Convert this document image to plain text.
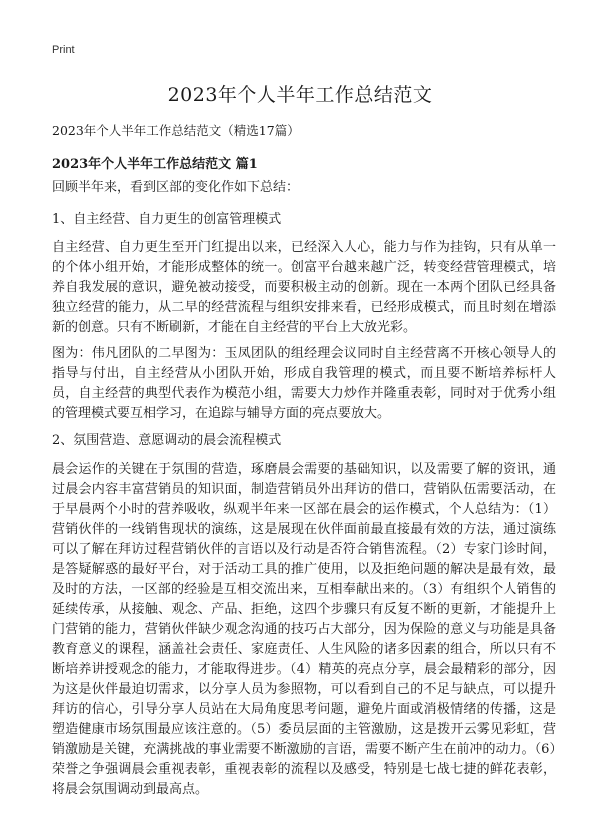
Print
2023年个人半年工作总结范文
2023年个人半年工作总结范文（精选17篇）
2023年个人半年工作总结范文 篇1

回顾半年来，看到区部的变化作如下总结：

1、自主经营、自力更生的创富管理模式

自主经营、自力更生至开门红提出以来，已经深入人心，能力与作为挂钩，只有从单一的个体小组开始，才能形成整体的统一。创富平台越来越广泛，转变经营管理模式，培养自我发展的意识，避免被动接受，而要积极主动的创新。现在一本两个团队已经具备独立经营的能力，从二早的经营流程与组织安排来看，已经形成模式，而且时刻在增添新的创意。只有不断刷新，才能在自主经营的平台上大放光彩。

图为：伟凡团队的二早图为：玉凤团队的组经理会议同时自主经营离不开核心领导人的指导与付出，自主经营从小团队开始，形成自我管理的模式，而且要不断培养标杆人员，自主经营的典型代表作为模范小组，需要大力炒作并隆重表彰，同时对于优秀小组的管理模式要互相学习，在追踪与辅导方面的亮点要放大。

2、氛围营造、意愿调动的晨会流程模式

晨会运作的关键在于氛围的营造，琢磨晨会需要的基础知识，以及需要了解的资讯，通过晨会内容丰富营销员的知识面，制造营销员外出拜访的借口，营销队伍需要活动，在于早晨两个小时的营养吸收，纵观半年来一区部在晨会的运作模式，个人总结为：（1）营销伙伴的一线销售现状的演练，这是展现在伙伴面前最直接最有效的方法，通过演练可以了解在拜访过程营销伙伴的言语以及行动是否符合销售流程。（2）专家门诊时间，是答疑解惑的最好平台，对于活动工具的推广使用，以及拒绝问题的解决是最有效，最及时的方法，一区部的经验是互相交流出来，互相奉献出来的。（3）有组织个人销售的延续传承，从接触、观念、产品、拒绝，这四个步骤只有反复不断的更新，才能提升上门营销的能力，营销伙伴缺少观念沟通的技巧占大部分，因为保险的意义与功能是具备教育意义的课程，涵盖社会责任、家庭责任、人生风险的诸多因素的组合，所以只有不断培养讲授观念的能力，才能取得进步。（4）精英的亮点分享，晨会最精彩的部分，因为这是伙伴最迫切需求，以分享人员为参照物，可以看到自己的不足与缺点，可以提升拜访的信心，引导分享人员站在大局角度思考问题，避免片面或消极情绪的传播，这是塑造健康市场氛围最应该注意的。（5）委员层面的主管激励，这是拨开云雾见彩虹，营销激励是关键，充满挑战的事业需要不断激励的言语，需要不断产生在前冲的动力。（6）荣誉之争强调晨会重视表彰，重视表彰的流程以及感受，特别是七战七捷的鲜花表彰，将晨会氛围调动到最高点。
